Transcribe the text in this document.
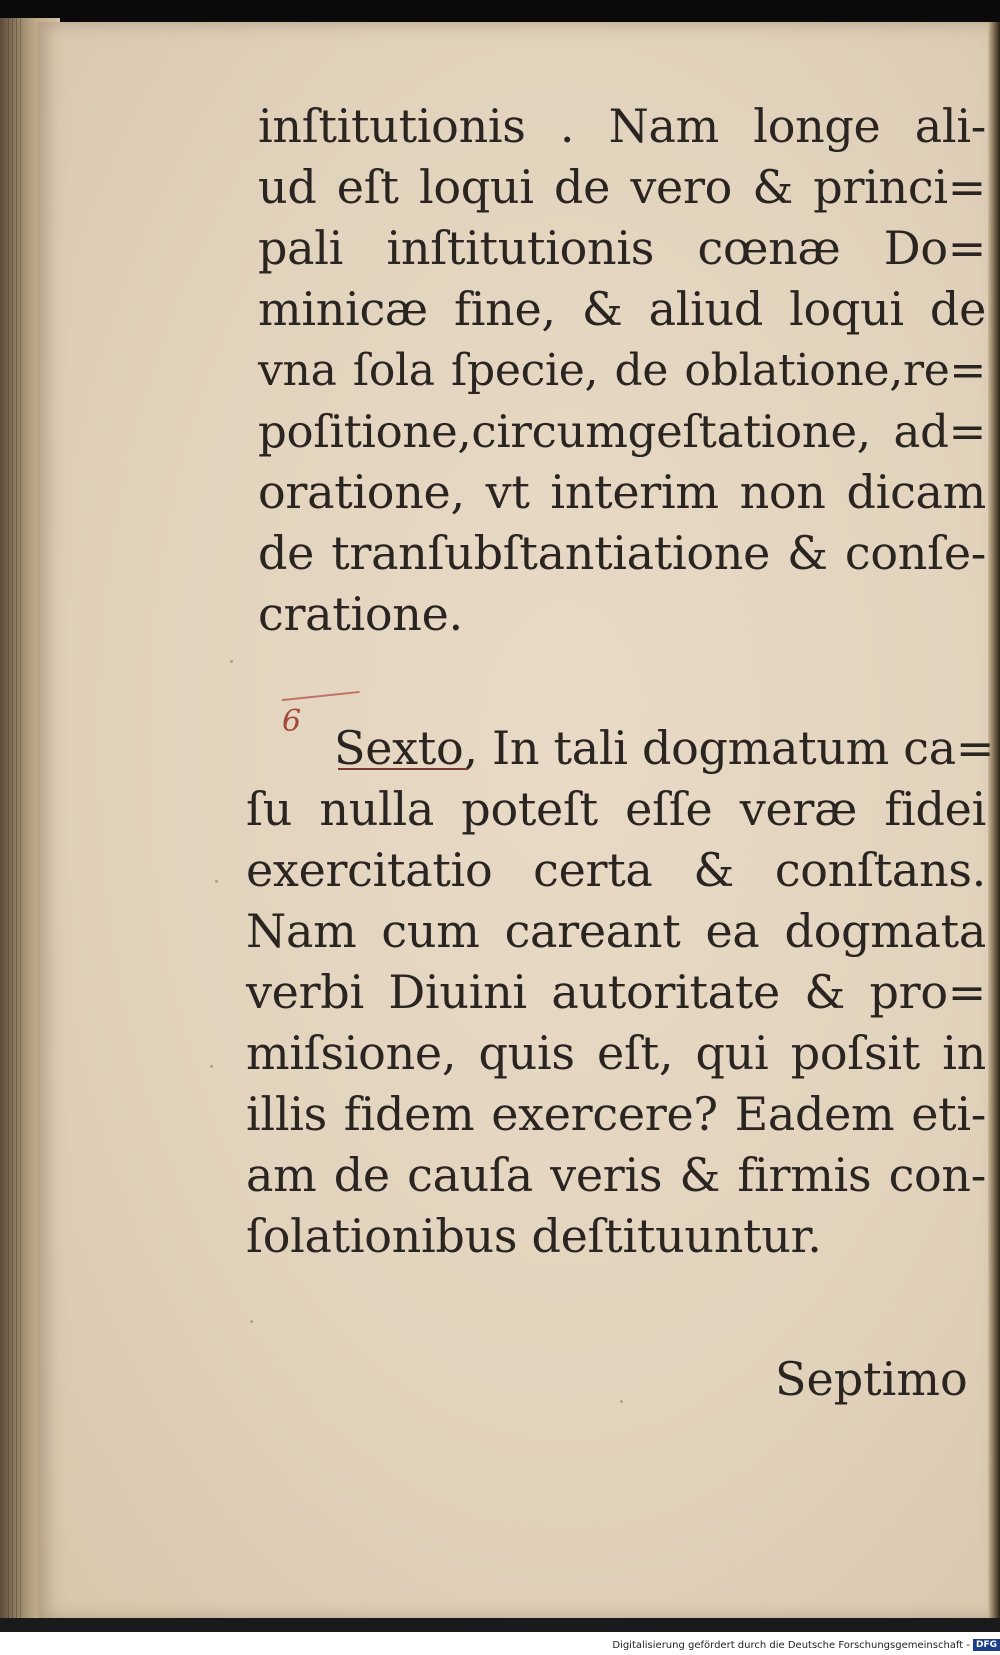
inſtitutionis . Nam longe ali-
ud eſt loqui de vero & princi=
pali inſtitutionis cœnæ Do=
minicæ fine, & aliud loqui de
vna ſola ſpecie, de oblatione,re=
poſitione,circumgeſtatione, ad=
oratione, vt interim non dicam
de tranſubſtantiatione & conſe-
cratione.
6 Sexto, In tali dogmatum ca=
ſu nulla poteſt eſſe veræ fidei
exercitatio certa & conſtans.
Nam cum careant ea dogmata
verbi Diuini autoritate & pro=
miſsione, quis eſt, qui poſsit in
illis fidem exercere? Eadem eti-
am de cauſa veris & firmis con-
ſolationibus deſtituuntur.
Septimo
Digitalisierung gefördert durch die Deutsche Forschungsgemeinschaft - DFG
